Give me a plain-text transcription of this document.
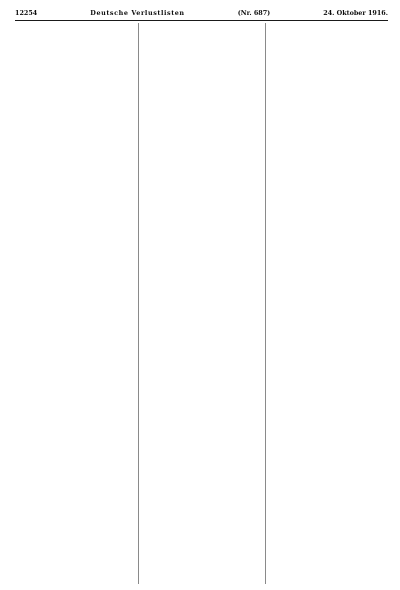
12254	Deutsche Verlustlisten	(Nr. 687)	24. Oktober 1916.
